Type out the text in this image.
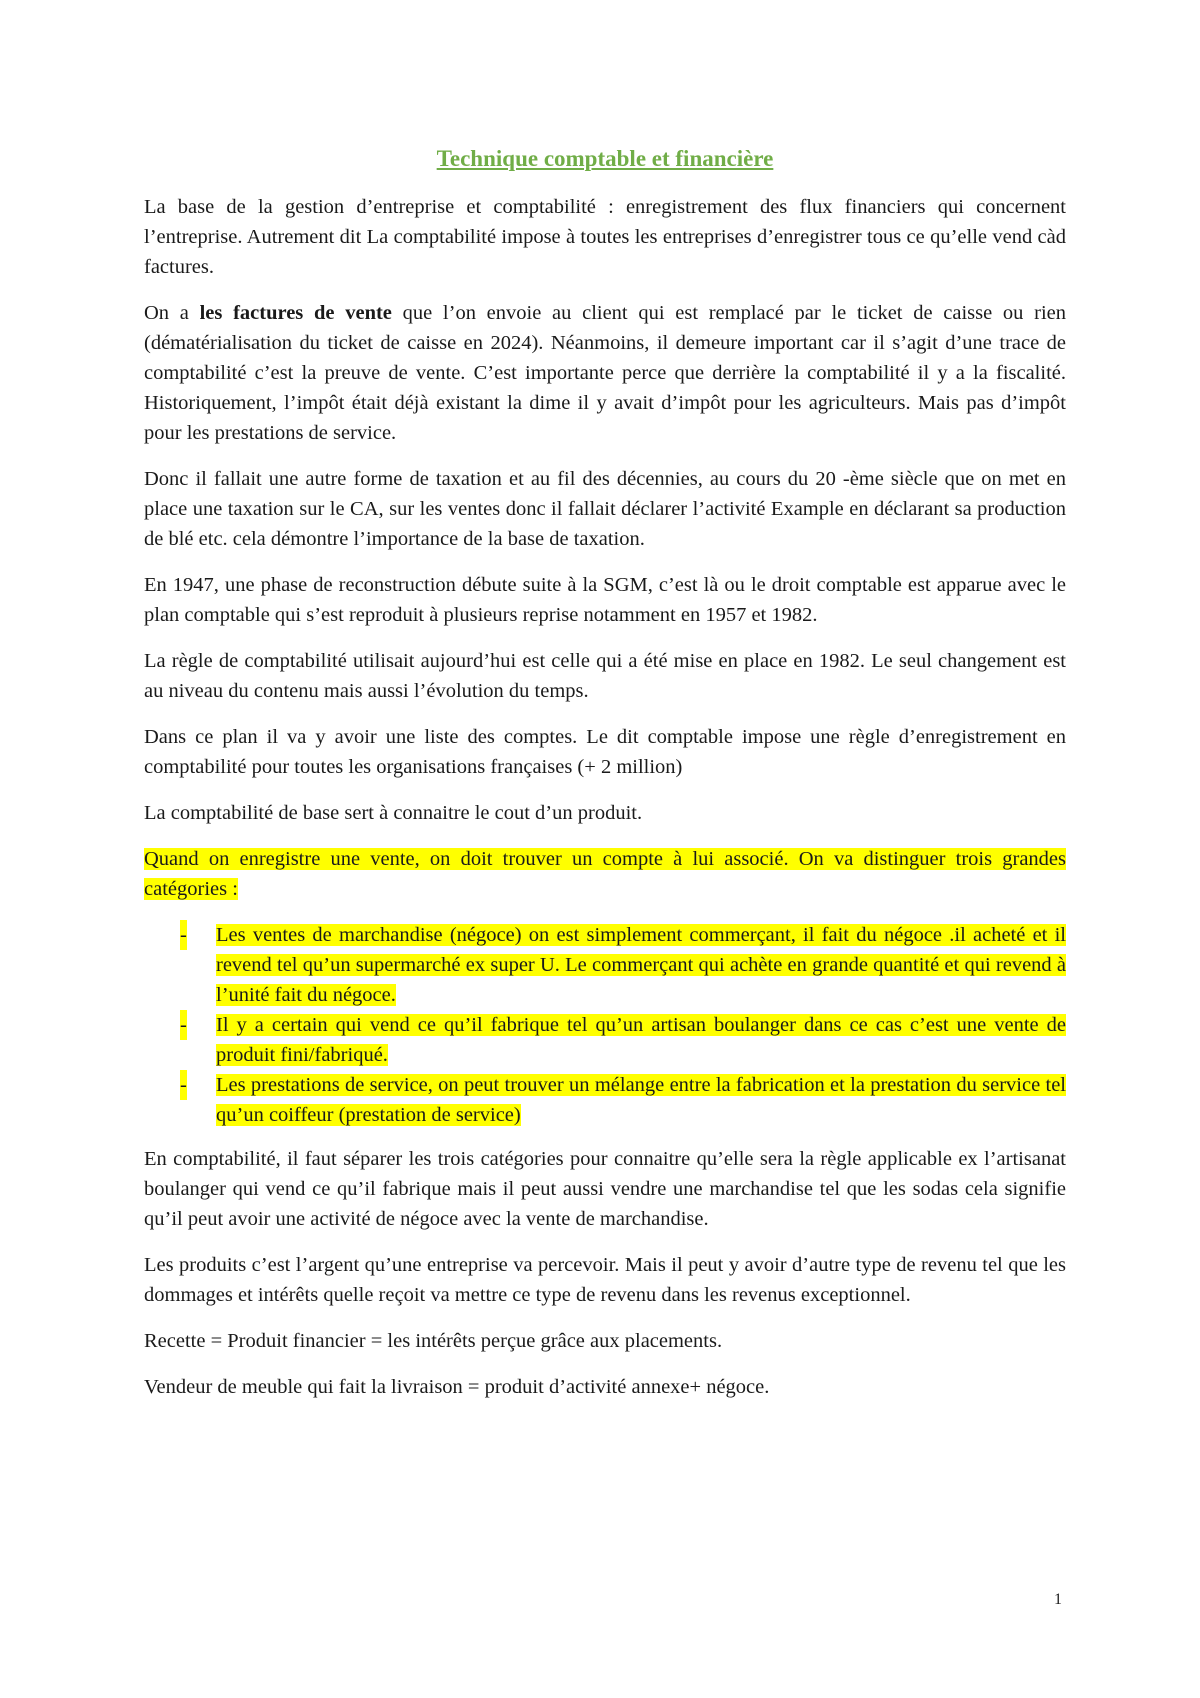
Technique comptable et financière

La base de la gestion d’entreprise et comptabilité : enregistrement des flux financiers qui concernent l’entreprise. Autrement dit La comptabilité impose à toutes les entreprises d’enregistrer tous ce qu’elle vend càd factures.

On a les factures de vente que l’on envoie au client qui est remplacé par le ticket de caisse ou rien (dématérialisation du ticket de caisse en 2024). Néanmoins, il demeure important car il s’agit d’une trace de comptabilité c’est la preuve de vente. C’est importante perce que derrière la comptabilité il y a la fiscalité. Historiquement, l’impôt était déjà existant la dime il y avait d’impôt pour les agriculteurs. Mais pas d’impôt pour les prestations de service.

Donc il fallait une autre forme de taxation et au fil des décennies, au cours du 20 -ème siècle que on met en place une taxation sur le CA, sur les ventes donc il fallait déclarer l’activité Example en déclarant sa production de blé etc. cela démontre l’importance de la base de taxation.

En 1947, une phase de reconstruction débute suite à la SGM, c’est là ou le droit comptable est apparue avec le plan comptable qui s’est reproduit à plusieurs reprise notamment en 1957 et 1982.

La règle de comptabilité utilisait aujourd’hui est celle qui a été mise en place en 1982. Le seul changement est au niveau du contenu mais aussi l’évolution du temps.

Dans ce plan il va y avoir une liste des comptes. Le dit comptable impose une règle d’enregistrement en comptabilité pour toutes les organisations françaises (+ 2 million)

La comptabilité de base sert à connaitre le cout d’un produit.

Quand on enregistre une vente, on doit trouver un compte à lui associé. On va distinguer trois grandes catégories :

- Les ventes de marchandise (négoce) on est simplement commerçant, il fait du négoce .il acheté et il revend tel qu’un supermarché ex super U. Le commerçant qui achète en grande quantité et qui revend à l’unité fait du négoce.
- Il y a certain qui vend ce qu’il fabrique tel qu’un artisan boulanger dans ce cas c’est une vente de produit fini/fabriqué.
- Les prestations de service, on peut trouver un mélange entre la fabrication et la prestation du service tel qu’un coiffeur (prestation de service)

En comptabilité, il faut séparer les trois catégories pour connaitre qu’elle sera la règle applicable ex l’artisanat boulanger qui vend ce qu’il fabrique mais il peut aussi vendre une marchandise tel que les sodas cela signifie qu’il peut avoir une activité de négoce avec la vente de marchandise.

Les produits c’est l’argent qu’une entreprise va percevoir. Mais il peut y avoir d’autre type de revenu tel que les dommages et intérêts quelle reçoit va mettre ce type de revenu dans les revenus exceptionnel.

Recette = Produit financier = les intérêts perçue grâce aux placements.

Vendeur de meuble qui fait la livraison = produit d’activité annexe+ négoce.

1
